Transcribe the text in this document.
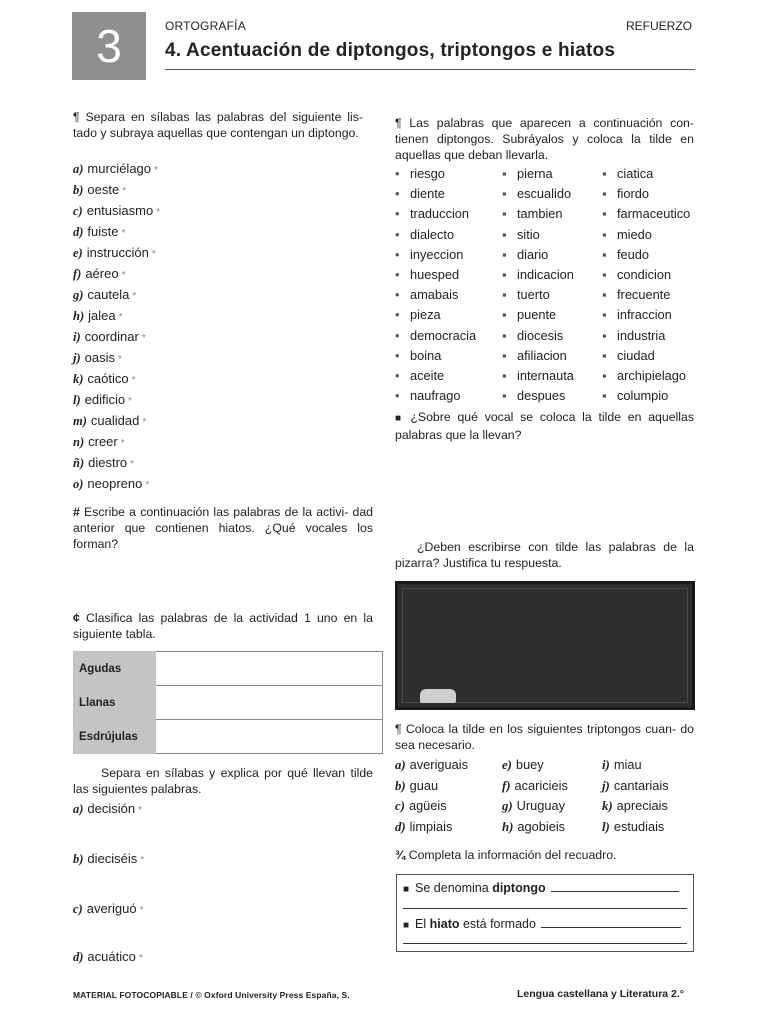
3	ORTOGRAFÍA	REFUERZO
4. Acentuación de diptongos, triptongos e hiatos
¶ Separa en sílabas las palabras del siguiente lis- tado y subraya aquellas que contengan un diptongo.
a) murciélago *
b) oeste *
c) entusiasmo *
d) fuiste *
e) instrucción *
f) aéreo *
g) cautela *
h) jalea *
i) coordinar *
j) oasis *
k) caótico *
l) edificio *
m) cualidad *
n) creer *
ñ) diestro *
o) neopreno *
# Escribe a continuación las palabras de la activi- dad anterior que contienen hiatos. ¿Qué vocales los forman?
¢ Clasifica las palabras de la actividad 1 uno en la siguiente tabla.
Agudas	
Llanas	
Esdrújulas	
Separa en sílabas y explica por qué llevan tilde las siguientes palabras.
a) decisión *
b) dieciséis *
c) averiguó *
d) acuático *
¶ Las palabras que aparecen a continuación con- tienen diptongos. Subráyalos y coloca la tilde en aquellas que deban llevarla.
• riesgo	▪ pierna	▪ ciatica
• diente	▪ escualido ▪ fiordo
• traduccion	▪ tambien	▪ farmaceutico
• dialecto	▪ sitio	▪ miedo
• inyeccion	▪ diario	▪ feudo
• huesped	▪ indicacion ▪ condicion
• amabais	▪ tuerto	▪ frecuente
• pieza	▪ puente	▪ infraccion
• democracia ▪ diocesis	▪ industria
• boina	▪ afiliacion	▪ ciudad
• aceite	▪ internauta ▪ archipielago
• naufrago	▪ despues	▪ columpio
■ ¿Sobre qué vocal se coloca la tilde en aquellas palabras que la llevan?
¿Deben escribirse con tilde las palabras de la pizarra? Justifica tu respuesta.
¶ Coloca la tilde en los siguientes triptongos cuan- do sea necesario.
a) averiguais	e) buey	i) miau
b) guau	f) acaricieis	j) cantariais
c) agüeis	g) Uruguay	k) apreciais
d) limpiais	h) agobieis	l) estudiais
¾ Completa la información del recuadro.
■ Se denomina diptongo
■ El hiato está formado
MATERIAL FOTOCOPIABLE / © Oxford University Press España, S.	Lengua castellana y Literatura 2.°
